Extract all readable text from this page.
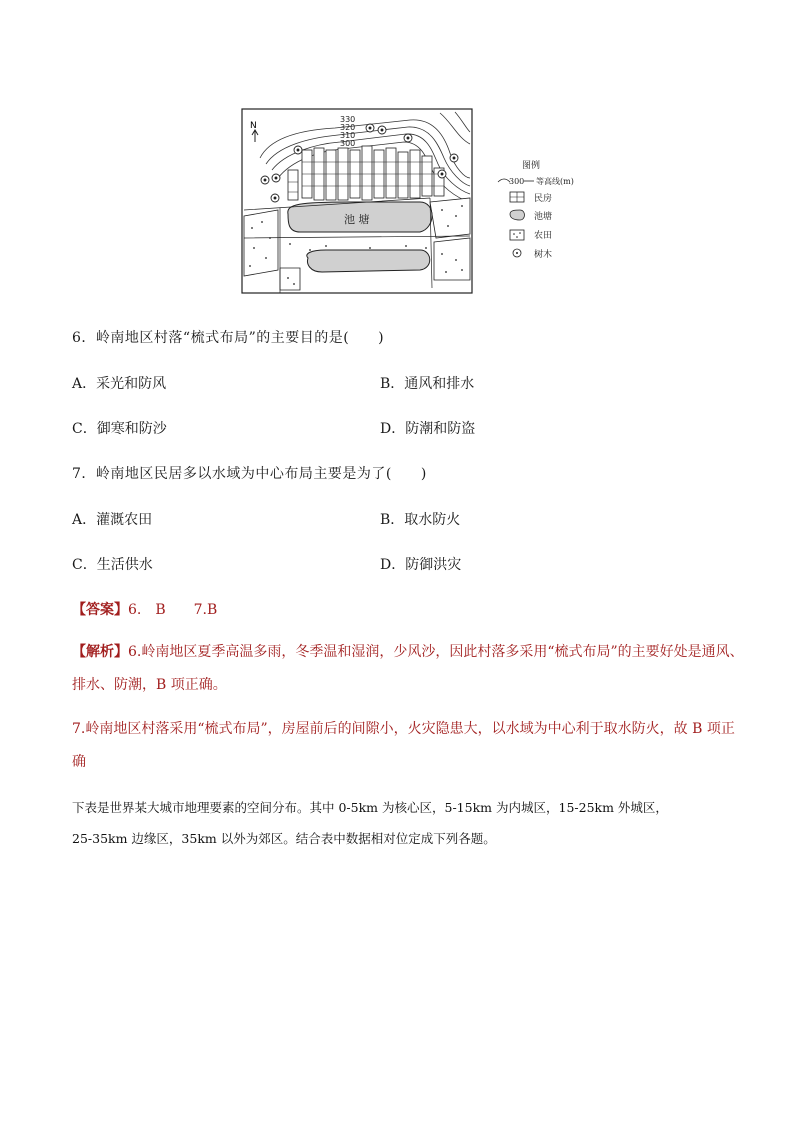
N
330
320
310
300
池 塘
图例
300 等高线(m)
民房
池塘
农田
树木
6．岭南地区村落“梳式布局”的主要目的是(　　)
A．采光和防风	B．通风和排水
C．御寒和防沙	D．防潮和防盗
7．岭南地区民居多以水域为中心布局主要是为了(　　)
A．灌溉农田	B．取水防火
C．生活供水	D．防御洪灾
【答案】6.　B　　7.B
【解析】6.岭南地区夏季高温多雨，冬季温和湿润，少风沙，因此村落多采用“梳式布局”的主要好处是通风、
排水、防潮，B 项正确。
7.岭南地区村落采用“梳式布局”，房屋前后的间隙小，火灾隐患大，以水域为中心利于取水防火，故 B 项正
确
下表是世界某大城市地理要素的空间分布。其中 0-5km 为核心区，5-15km 为内城区，15-25km 外城区，
25-35km 边缘区，35km 以外为郊区。结合表中数据相对位定成下列各题。
